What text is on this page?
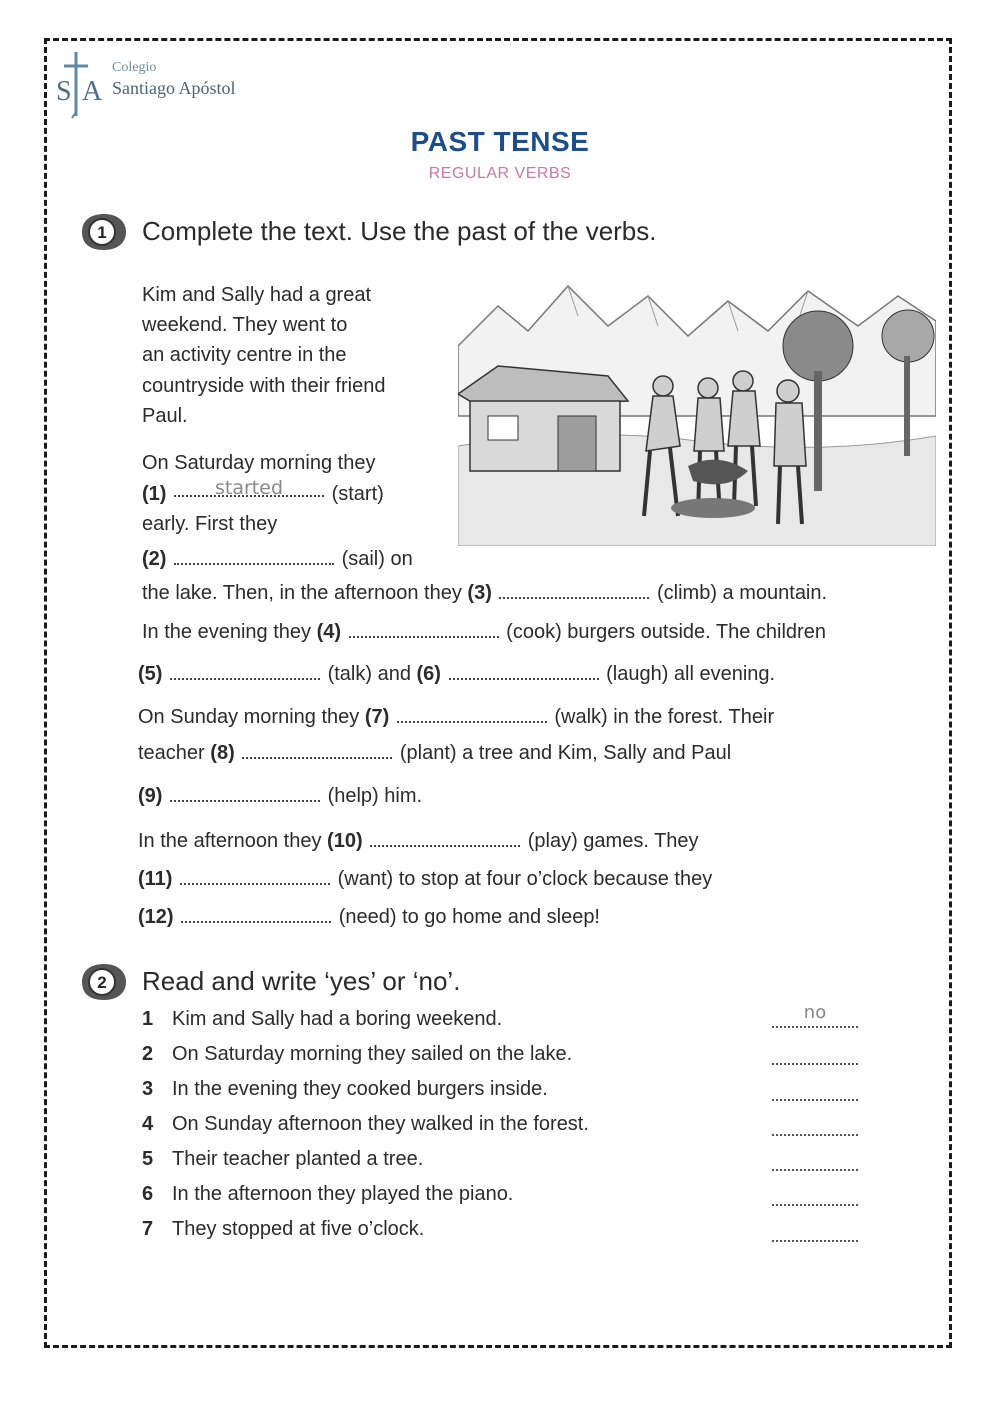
S A
Colegio
Santiago Apóstol
PAST TENSE
REGULAR VERBS
1 Complete the text. Use the past of the verbs.
Kim and Sally had a great
weekend. They went to
an activity centre in the
countryside with their friend
Paul.
On Saturday morning they
(1)	started (start)
early. First they
(2)	(sail) on
the lake. Then, in the afternoon they (3)	(climb) a mountain.
In the evening they (4)	(cook) burgers outside. The children
(5)	(talk) and (6)	(laugh) all evening.
On Sunday morning they (7)	(walk) in the forest. Their
teacher (8)	(plant) a tree and Kim, Sally and Paul
(9)	(help) him.
In the afternoon they (10)	(play) games. They
(11)	(want) to stop at four o’clock because they
(12)	(need) to go home and sleep!
2 Read and write ‘yes’ or ‘no’.
1 Kim and Sally had a boring weekend.	no
2 On Saturday morning they sailed on the lake.
3 In the evening they cooked burgers inside.
4 On Sunday afternoon they walked in the forest.
5 Their teacher planted a tree.
6 In the afternoon they played the piano.
7 They stopped at five o’clock.
